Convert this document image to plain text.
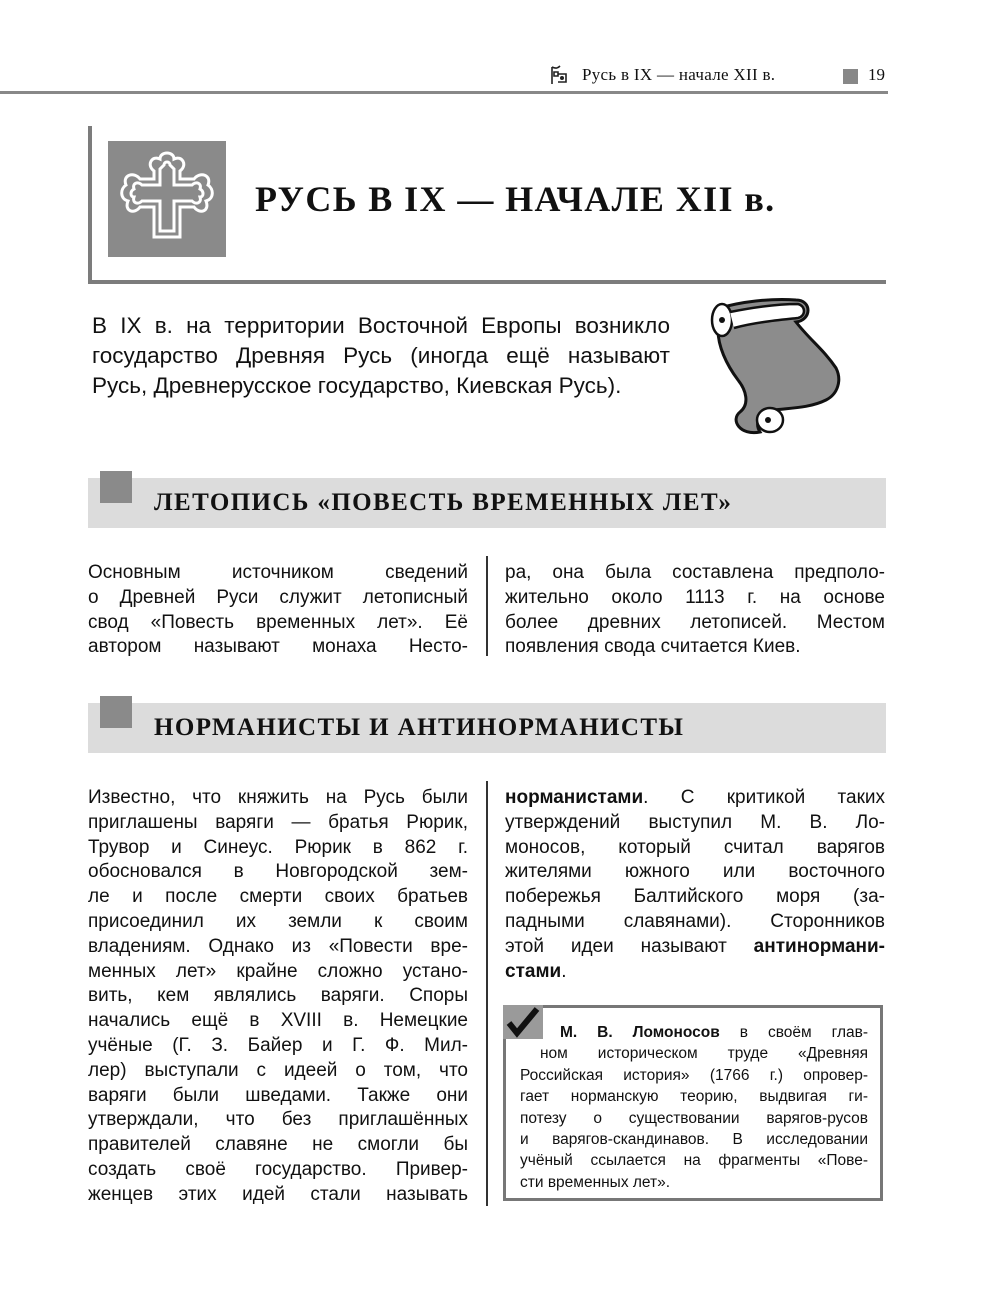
Русь в IX — начале XII в.	19
РУСЬ В IX — НАЧАЛЕ XII в.
В IX в. на территории Восточной Европы возникло государство Древняя Русь (иногда ещё называют Русь, Древнерусское государство, Киевская Русь).
ЛЕТОПИСЬ «ПОВЕСТЬ ВРЕМЕННЫХ ЛЕТ»
Основным источником сведений
о Древней Руси служит летописный
свод «Повесть временных лет». Её
автором называют монаха Несто-
ра, она была составлена предполо-
жительно около 1113 г. на основе
более древних летописей. Местом
появления свода считается Киев.
НОРМАНИСТЫ И АНТИНОРМАНИСТЫ
Известно, что княжить на Русь были
приглашены варяги — братья Рюрик,
Трувор и Синеус. Рюрик в 862 г.
обосновался в Новгородской зем-
ле и после смерти своих братьев
присоединил их земли к своим
владениям. Однако из «Повести вре-
менных лет» крайне сложно устано-
вить, кем являлись варяги. Споры
начались ещё в XVIII в. Немецкие
учёные (Г. З. Байер и Г. Ф. Мил-
лер) выступали с идеей о том, что
варяги были шведами. Также они
утверждали, что без приглашённых
правителей славяне не смогли бы
создать своё государство. Привер-
женцев этих идей стали называть
норманистами. С критикой таких
утверждений выступил М. В. Ло-
моносов, который считал варягов
жителями южного или восточного
побережья Балтийского моря (за-
падными славянами). Сторонников
этой идеи называют антинормани-
стами.
М. В. Ломоносов в своём глав-
ном историческом труде «Древняя
Российская история» (1766 г.) опровер-
гает норманскую теорию, выдвигая ги-
потезу о существовании варягов-русов
и варягов-скандинавов. В исследовании
учёный ссылается на фрагменты «Пове-
сти временных лет».
